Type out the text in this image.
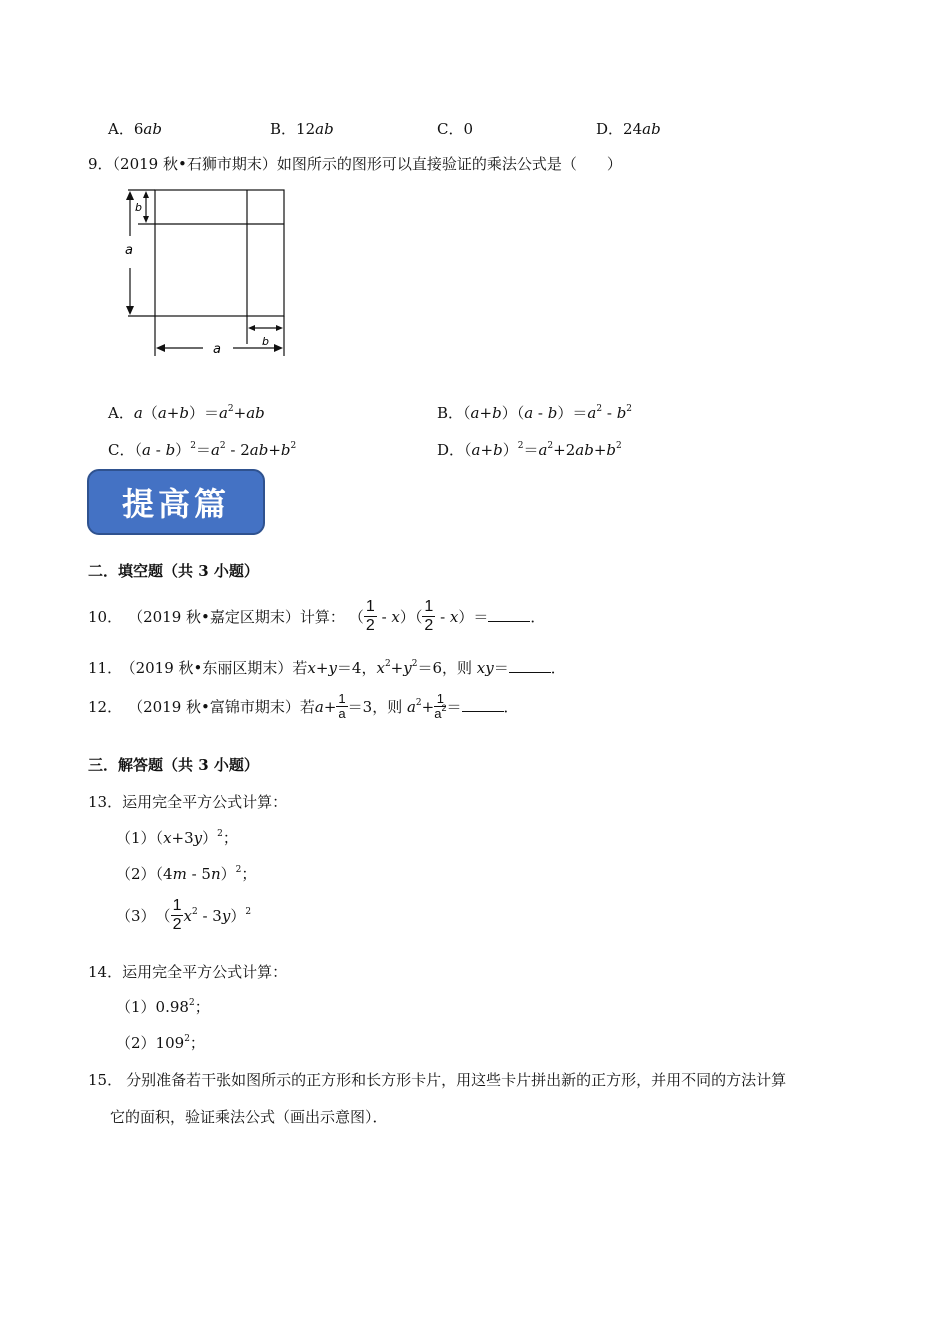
A．6ab	B．12ab	C．0	D．24ab
9．（2019 秋•石狮市期末）如图所示的图形可以直接验证的乘法公式是（　　）
a
b
a
b
A．$a(a+b)=a^2+ab$	B．$(a+b)(a - b)=a^2 - b^2$
C．$(a - b)^2=a^2 - 2ab+b^2$	D．$(a+b)^2=a^2+2ab+b^2$
提高篇
二．填空题（共 3 小题）
10． （2019 秋•嘉定区期末）计算： （ $\frac{1}{2} - x)( \frac{1}{2} - x)=$	．
11． （2019 秋•东丽区期末）若x+y＝4，$x^2+y^2=6$，则 xy＝	．
12． （2019 秋•富锦市期末）若 $a + \frac{1}{a} =3$，则 $a^2+ \frac{1}{a^2}$ ＝	．
三．解答题（共 3 小题）
13．运用完全平方公式计算：
$(1)(x+3y)^2$；
（2）（4m - 5n）$^2$；
（3） （ $\frac{1}{2} x^2 - 3y)^2$
14．运用完全平方公式计算：
（1）0.98$^2$；
$(2)109^2$；
15． 分别准备若干张如图所示的正方形和长方形卡片，用这些卡片拼出新的正方形，并用不同的方法计算
它的面积，验证乘法公式（画出示意图）．
